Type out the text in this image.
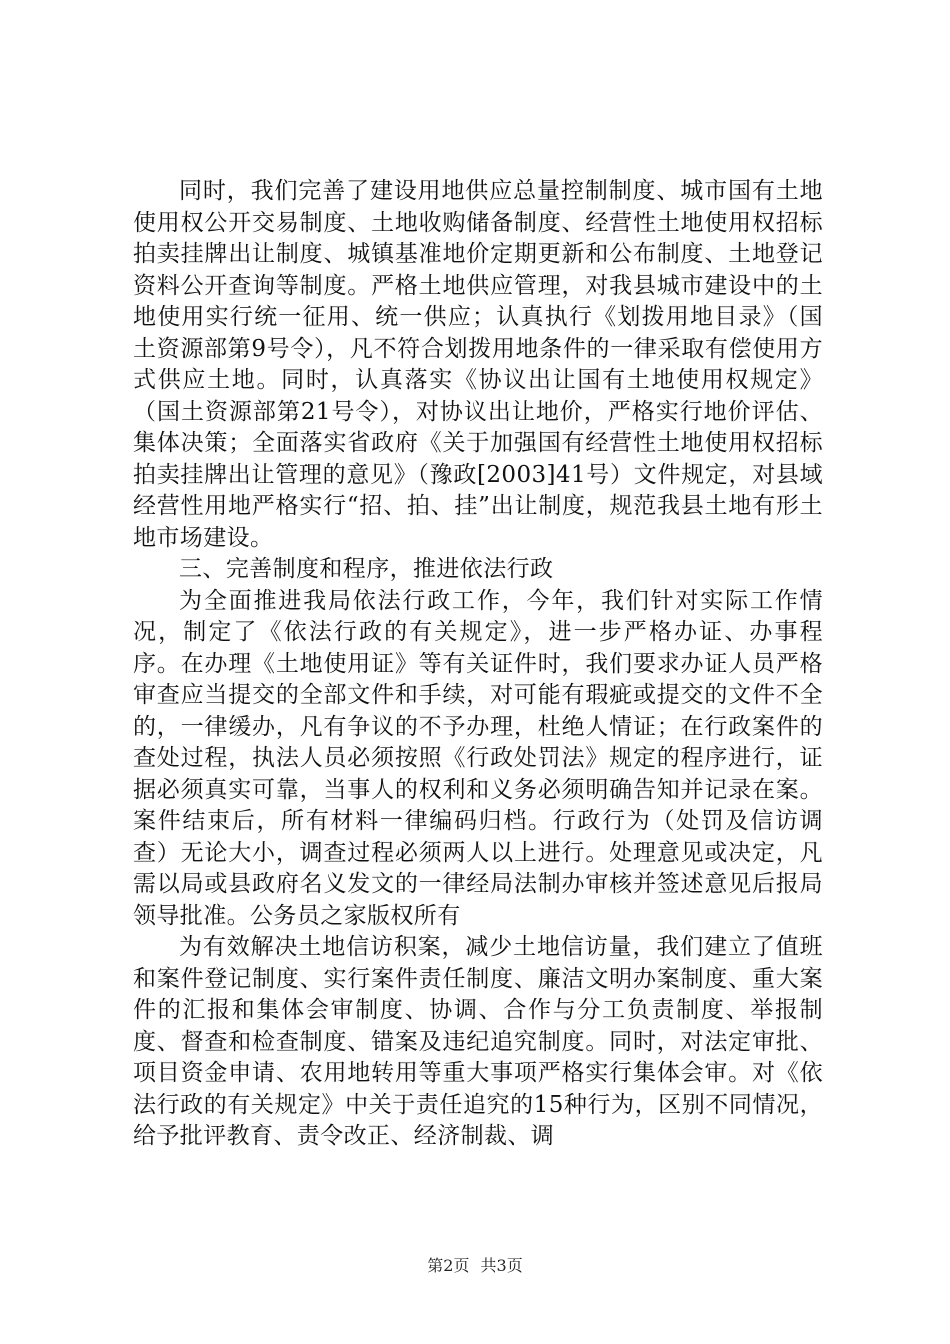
同时，我们完善了建设用地供应总量控制制度、城市国有土地使用权公开交易制度、土地收购储备制度、经营性土地使用权招标拍卖挂牌出让制度、城镇基准地价定期更新和公布制度、土地登记资料公开查询等制度。严格土地供应管理，对我县城市建设中的土地使用实行统一征用、统一供应；认真执行《划拨用地目录》（国土资源部第9号令），凡不符合划拨用地条件的一律采取有偿使用方式供应土地。同时，认真落实《协议出让国有土地使用权规定》（国土资源部第21号令），对协议出让地价，严格实行地价评估、集体决策；全面落实省政府《关于加强国有经营性土地使用权招标拍卖挂牌出让管理的意见》（豫政[2003]41号）文件规定，对县域经营性用地严格实行“招、拍、挂”出让制度，规范我县土地有形土地市场建设。

三、完善制度和程序，推进依法行政

为全面推进我局依法行政工作，今年，我们针对实际工作情况，制定了《依法行政的有关规定》，进一步严格办证、办事程序。在办理《土地使用证》等有关证件时，我们要求办证人员严格审查应当提交的全部文件和手续，对可能有瑕疵或提交的文件不全的，一律缓办，凡有争议的不予办理，杜绝人情证；在行政案件的查处过程，执法人员必须按照《行政处罚法》规定的程序进行，证据必须真实可靠，当事人的权利和义务必须明确告知并记录在案。案件结束后，所有材料一律编码归档。行政行为（处罚及信访调查）无论大小，调查过程必须两人以上进行。处理意见或决定，凡需以局或县政府名义发文的一律经局法制办审核并签述意见后报局领导批准。公务员之家版权所有

为有效解决土地信访积案，减少土地信访量，我们建立了值班和案件登记制度、实行案件责任制度、廉洁文明办案制度、重大案件的汇报和集体会审制度、协调、合作与分工负责制度、举报制度、督查和检查制度、错案及违纪追究制度。同时，对法定审批、项目资金申请、农用地转用等重大事项严格实行集体会审。对《依法行政的有关规定》中关于责任追究的15种行为，区别不同情况，给予批评教育、责令改正、经济制裁、调

第2页 共3页
